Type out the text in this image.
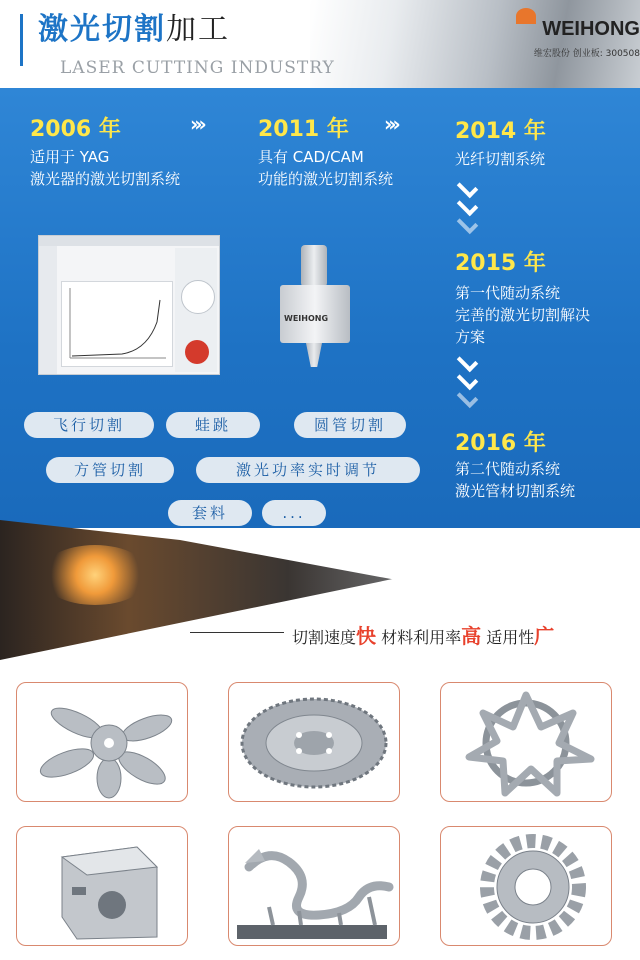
激光切割加工
LASER CUTTING INDUSTRY
WEIHONG
维宏股份 创业板: 300508
2006 年
适用于 YAG
激光器的激光切割系统
›››	2011 年
具有 CAD/CAM
功能的激光切割系统
›››	2014 年
光纤切割系统
2015 年
第一代随动系统
完善的激光切割解决
方案
2016 年
第二代随动系统
激光管材切割系统
WEIHONG
飞行切割	蛙跳	圆管切割
方管切割	激光功率实时调节
套料	...
切割速度快 材料利用率高 适用性广
